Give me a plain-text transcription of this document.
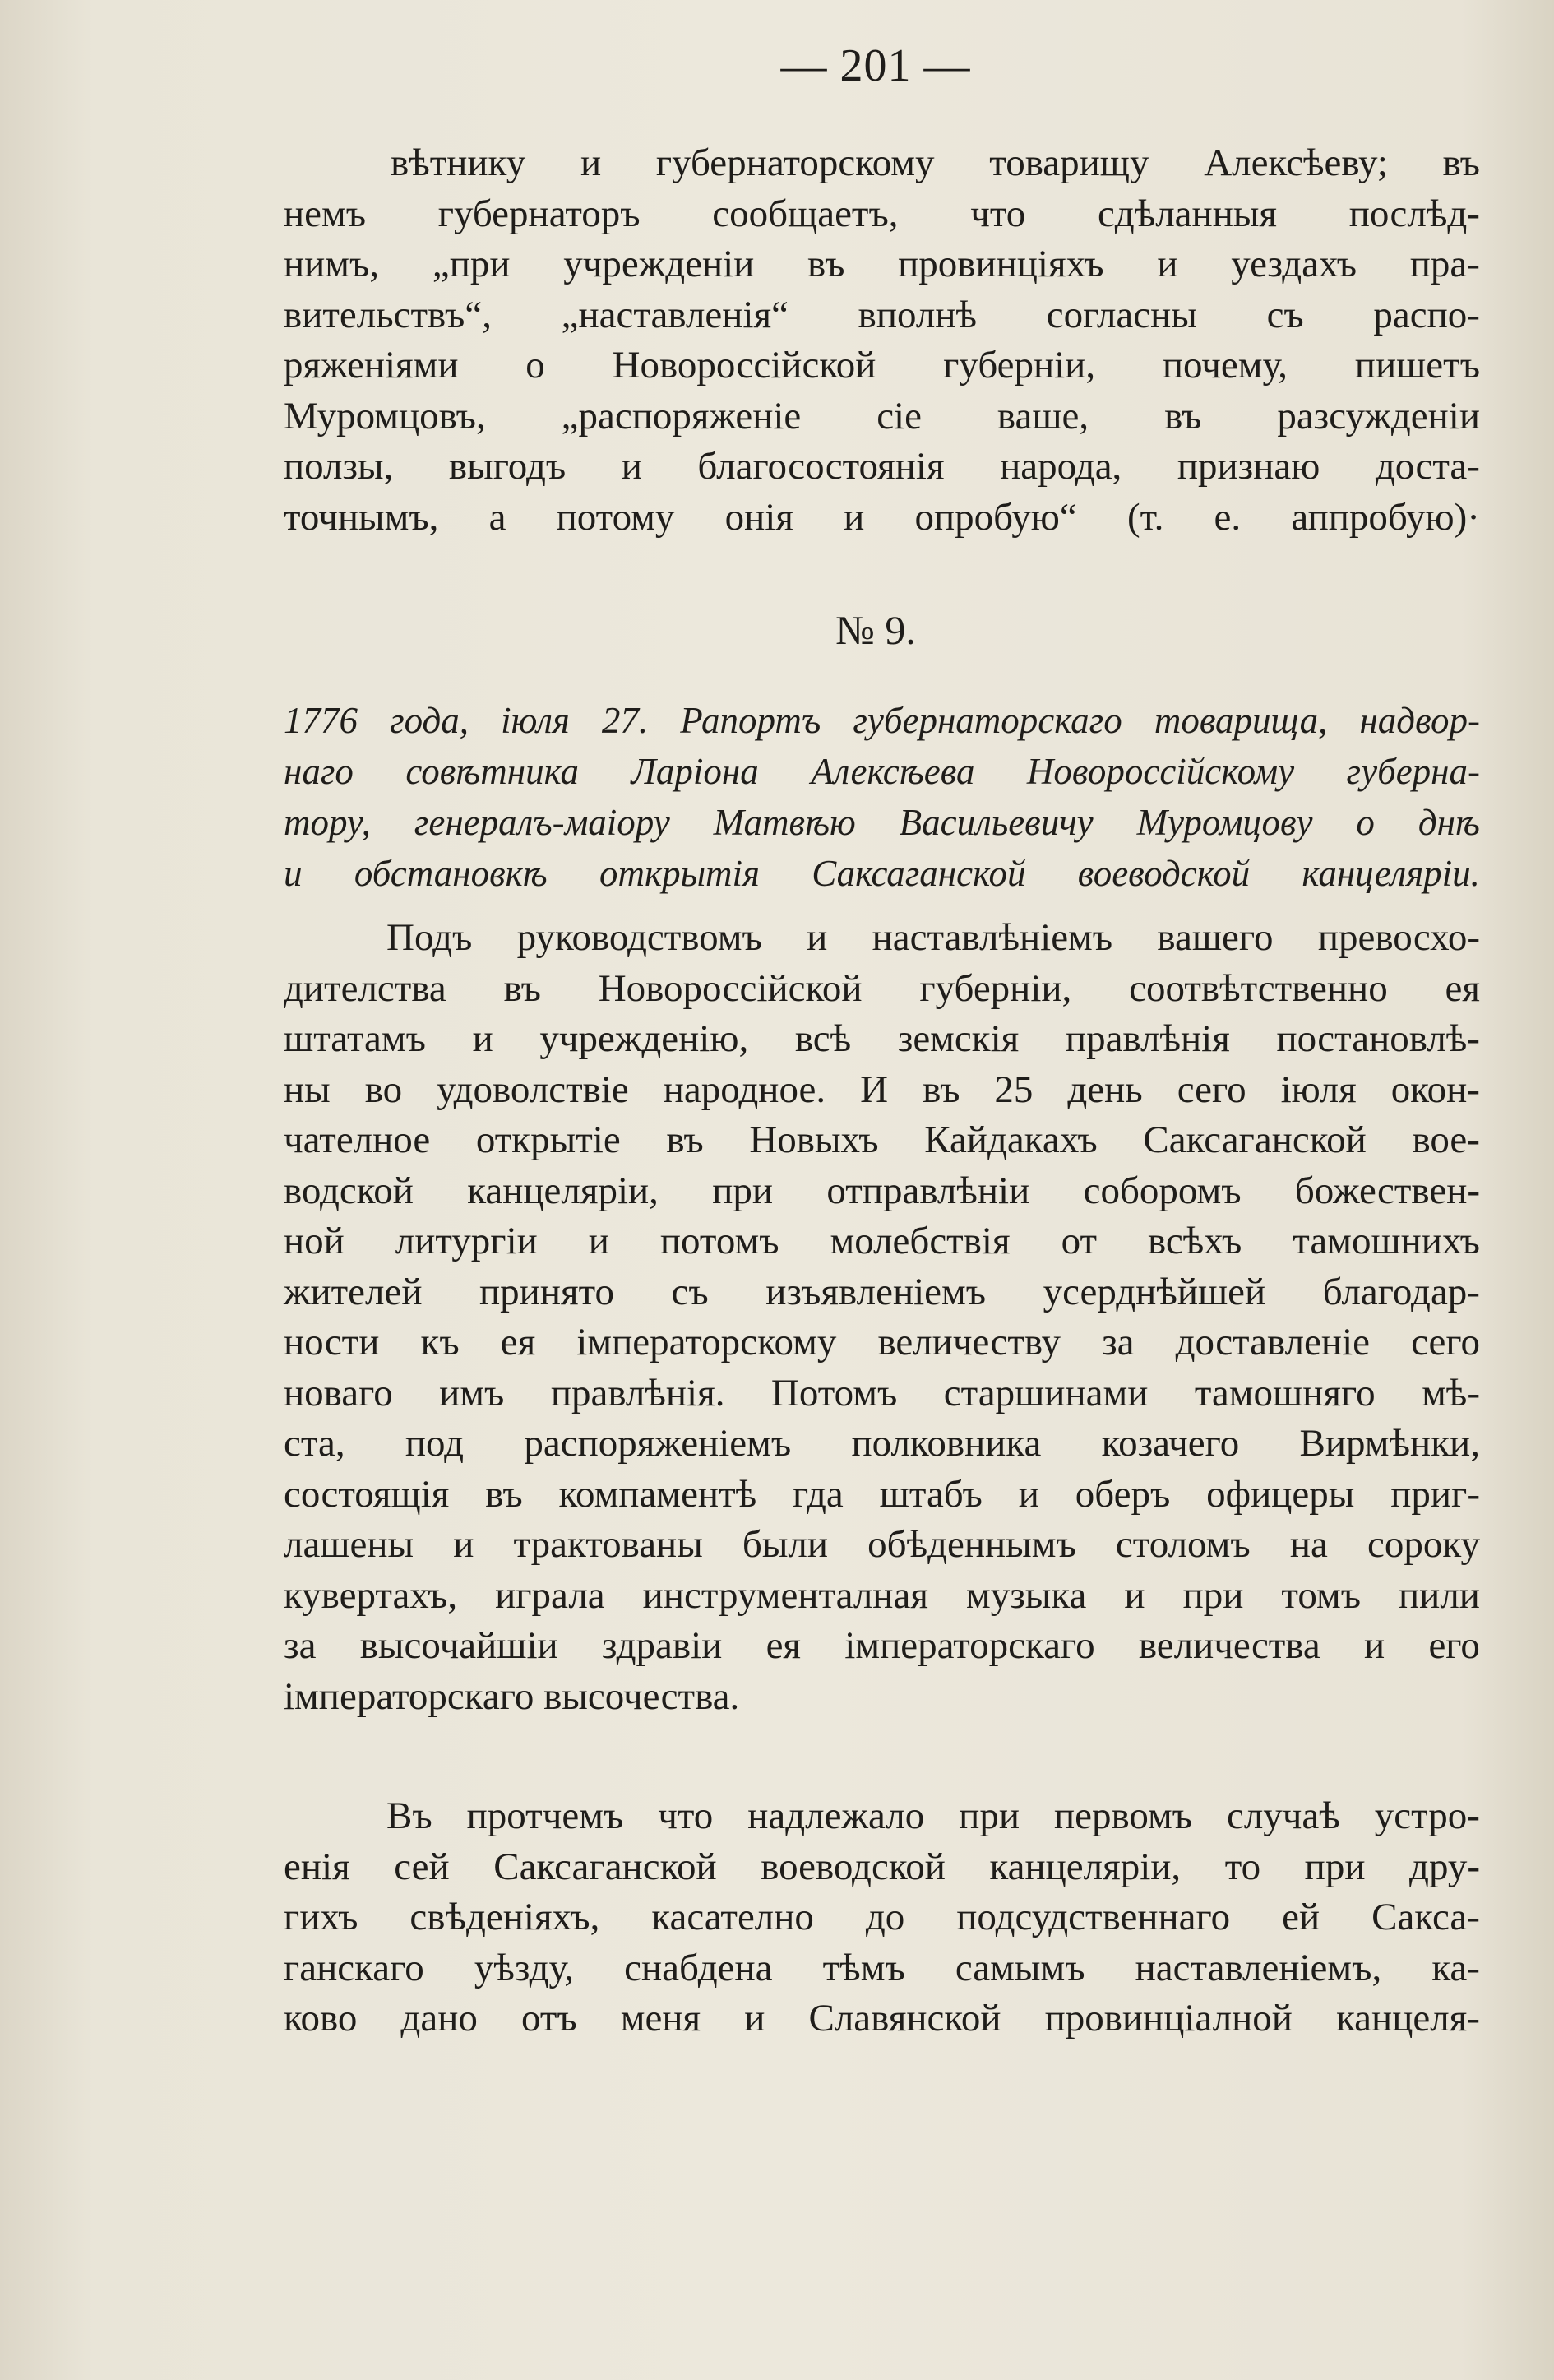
— 201 —
вѣтнику и губернаторскому товарищу Алексѣеву; въ
немъ губернаторъ сообщаетъ, что сдѣланныя послѣд-
нимъ, „при учрежденіи въ провинціяхъ и уездахъ пра-
вительствъ“, „наставленія“ вполнѣ согласны съ распо-
ряженіями о Новороссійской губерніи, почему, пишетъ
Муромцовъ, „распоряженіе сіе ваше, въ разсужденіи
ползы, выгодъ и благосостоянія народа, признаю доста-
точнымъ, а потому онія и опробую“ (т. е. аппробую)·
№ 9.
1776 года, іюля 27. Рапортъ губернаторскаго товарища, надвор-
наго совѣтника Ларіона Алексѣева Новороссійскому губерна-
тору, генералъ-маіору Матвѣю Васильевичу Муромцову о днѣ
и обстановкѣ открытія Саксаганской воеводской канцеляріи.
Подъ руководствомъ и наставлѣніемъ вашего превосхо-
дителства въ Новороссійской губерніи, соотвѣтственно ея
штатамъ и учрежденію, всѣ земскія правлѣнія постановлѣ-
ны во удоволствіе народное. И въ 25 день сего іюля окон-
чателное открытіе въ Новыхъ Кайдакахъ Саксаганской вое-
водской канцеляріи, при отправлѣніи соборомъ божествен-
ной литургіи и потомъ молебствія от всѣхъ тамошнихъ
жителей принято съ изъявленіемъ усерднѣйшей благодар-
ности къ ея імператорскому величеству за доставленіе сего
новаго имъ правлѣнія. Потомъ старшинами тамошняго мѣ-
ста, под распоряженіемъ полковника козачего Вирмѣнки,
состоящія въ компаментѣ гда штабъ и оберъ офицеры приг-
лашены и трактованы были обѣденнымъ столомъ на сороку
кувертахъ, играла инструменталная музыка и при томъ пили
за высочайшіи здравіи ея імператорскаго величества и его
імператорскаго высочества.
Въ протчемъ что надлежало при первомъ случаѣ устро-
енія сей Саксаганской воеводской канцеляріи, то при дру-
гихъ свѣденіяхъ, касателно до подсудственнаго ей Сакса-
ганскаго уѣзду, снабдена тѣмъ самымъ наставленіемъ, ка-
ково дано отъ меня и Славянской провинціалной канцеля-
